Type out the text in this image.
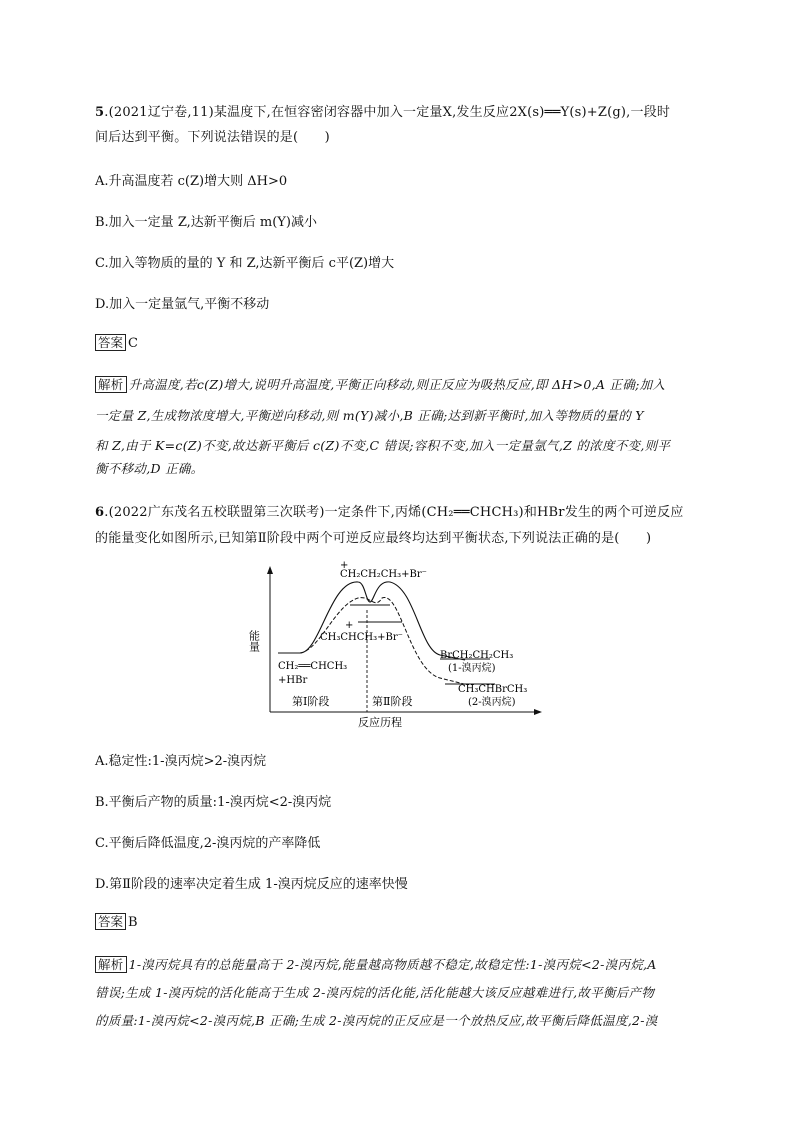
5.(2021辽宁卷,11)某温度下,在恒容密闭容器中加入一定量X,发生反应2X(s)══Y(s)+Z(g),一段时
间后达到平衡。下列说法错误的是(　　)
A.升高温度若 c(Z)增大则 ΔH>0
B.加入一定量 Z,达新平衡后 m(Y)减小
C.加入等物质的量的 Y 和 Z,达新平衡后 c平(Z)增大
D.加入一定量氩气,平衡不移动
答案 C
解析 升高温度,若c(Z)增大,说明升高温度,平衡正向移动,则正反应为吸热反应,即 ΔH>0,A 正确;加入
一定量 Z,生成物浓度增大,平衡逆向移动,则 m(Y)减小,B 正确;达到新平衡时,加入等物质的量的 Y
和 Z,由于 K=c(Z)不变,故达新平衡后 c(Z)不变,C 错误;容积不变,加入一定量氩气,Z 的浓度不变,则平
衡不移动,D 正确。
6.(2022广东茂名五校联盟第三次联考)一定条件下,丙烯(CH₂══CHCH₃)和HBr发生的两个可逆反应
的能量变化如图所示,已知第Ⅱ阶段中两个可逆反应最终均达到平衡状态,下列说法正确的是(　　)
+
CH₂CH₂CH₃+Br⁻
+
CH₃CHCH₃+Br⁻
CH₂══CHCH₃
+HBr
BrCH₂CH₂CH₃
(1-溴丙烷)
CH₃CHBrCH₃
(2-溴丙烷)
第Ⅰ阶段	第Ⅱ阶段
反应历程
能量
A.稳定性:1-溴丙烷>2-溴丙烷
B.平衡后产物的质量:1-溴丙烷<2-溴丙烷
C.平衡后降低温度,2-溴丙烷的产率降低
D.第Ⅱ阶段的速率决定着生成 1-溴丙烷反应的速率快慢
答案 B
解析 1-溴丙烷具有的总能量高于 2-溴丙烷,能量越高物质越不稳定,故稳定性:1-溴丙烷<2-溴丙烷,A
错误;生成 1-溴丙烷的活化能高于生成 2-溴丙烷的活化能,活化能越大该反应越难进行,故平衡后产物
的质量:1-溴丙烷<2-溴丙烷,B 正确;生成 2-溴丙烷的正反应是一个放热反应,故平衡后降低温度,2-溴
